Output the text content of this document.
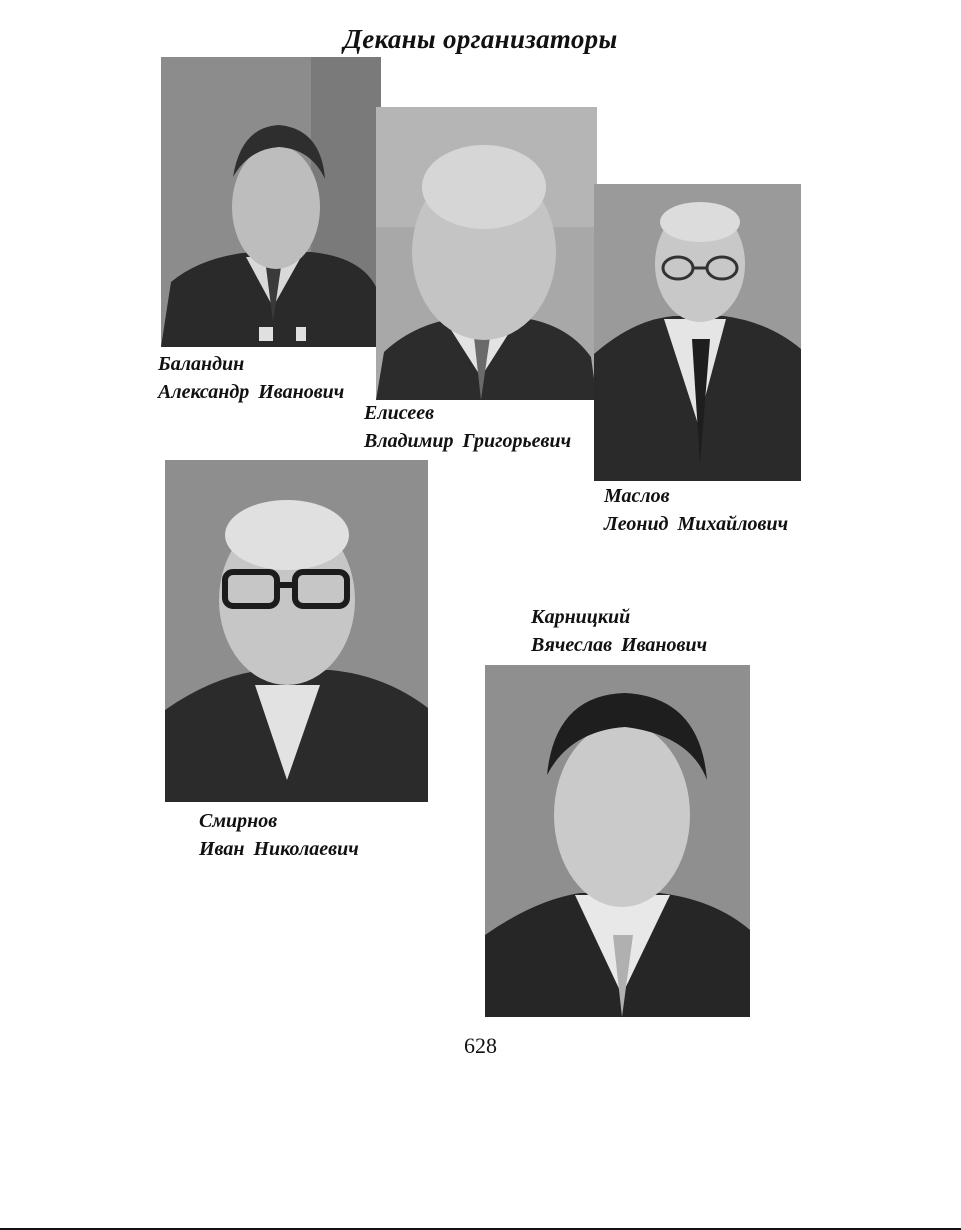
Деканы организаторы
Баландин
Александр Иванович
Елисеев
Владимир Григорьевич
Маслов
Леонид Михайлович
Смирнов
Иван Николаевич
Карницкий
Вячеслав Иванович
628
